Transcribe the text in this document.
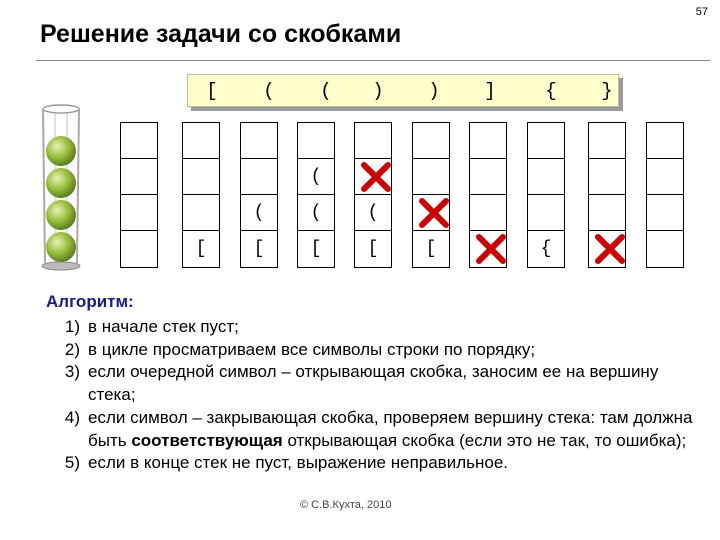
57
Решение задачи со скобками
[ ( ( ) ) ]	{ }
[
(
[
(
(
[
(
[	[	{
Алгоритм:
1) в начале стек пуст;
2) в цикле просматриваем все символы строки по порядку;
3) если очередной символ – открывающая скобка, заносим ее на вершину стека;
4) если символ – закрывающая скобка, проверяем вершину стека: там должна быть соответствующая открывающая скобка (если это не так, то ошибка);
5) если в конце стек не пуст, выражение неправильное.
© С.В.Кухта, 2010
